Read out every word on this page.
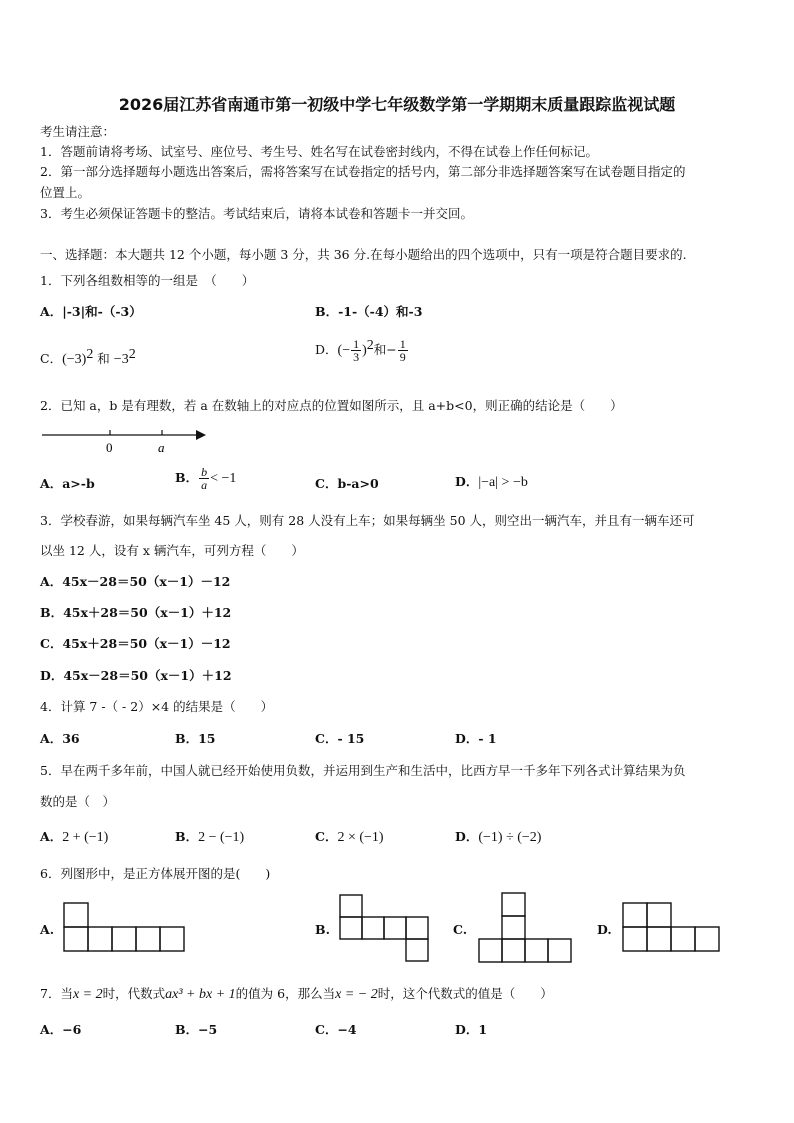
2026届江苏省南通市第一初级中学七年级数学第一学期期末质量跟踪监视试题
考生请注意：
1．答题前请将考场、试室号、座位号、考生号、姓名写在试卷密封线内，不得在试卷上作任何标记。
2．第一部分选择题每小题选出答案后，需将答案写在试卷指定的括号内，第二部分非选择题答案写在试卷题目指定的
位置上。
3．考生必须保证答题卡的整洁。考试结束后，请将本试卷和答题卡一并交回。
一、选择题：本大题共 12 个小题，每小题 3 分，共 36 分.在每小题给出的四个选项中，只有一项是符合题目要求的.
1．下列各组数相等的一组是　（　　）
A．|-3|和-（-3）	B．-1-（-4）和-3
C．$(-3)^2$ 和 $-3^2$	D．(− $\frac{1}{3} )^2$和− $\frac{1}{9}$
2．已知 a，b 是有理数，若 a 在数轴上的对应点的位置如图所示，且 a+b<0，则正确的结论是（　　）
0	a
A．a>-b	B． $\frac{b}{a} < -1$	C．b-a>0	D．|−a| > −b
3．学校春游，如果每辆汽车坐 45 人，则有 28 人没有上车；如果每辆坐 50 人，则空出一辆汽车，并且有一辆车还可
以坐 12 人，设有 x 辆汽车，可列方程（　　）
A．45x－28＝50（x－1）－12
B．45x＋28＝50（x－1）＋12
C．45x＋28＝50（x－1）－12
D．45x－28＝50（x－1）＋12
4．计算 7 -（ - 2）×4 的结果是（　　）
A．36	B．15	C．- 15	D．- 1
5．早在两千多年前，中国人就已经开始使用负数，并运用到生产和生活中，比西方早一千多年下列各式计算结果为负
数的是（　）
A．2 + (−1)	B．2 − (−1)	C．2 × (−1)	D．(−1) ÷ (−2)
6．列图形中，是正方体展开图的是(　　)
A.	B.	C.	D.
7．当x = 2时，代数式ax³ + bx + 1的值为 6，那么当x = − 2时，这个代数式的值是（　　）
A．−6	B．−5	C．−4	D．1
